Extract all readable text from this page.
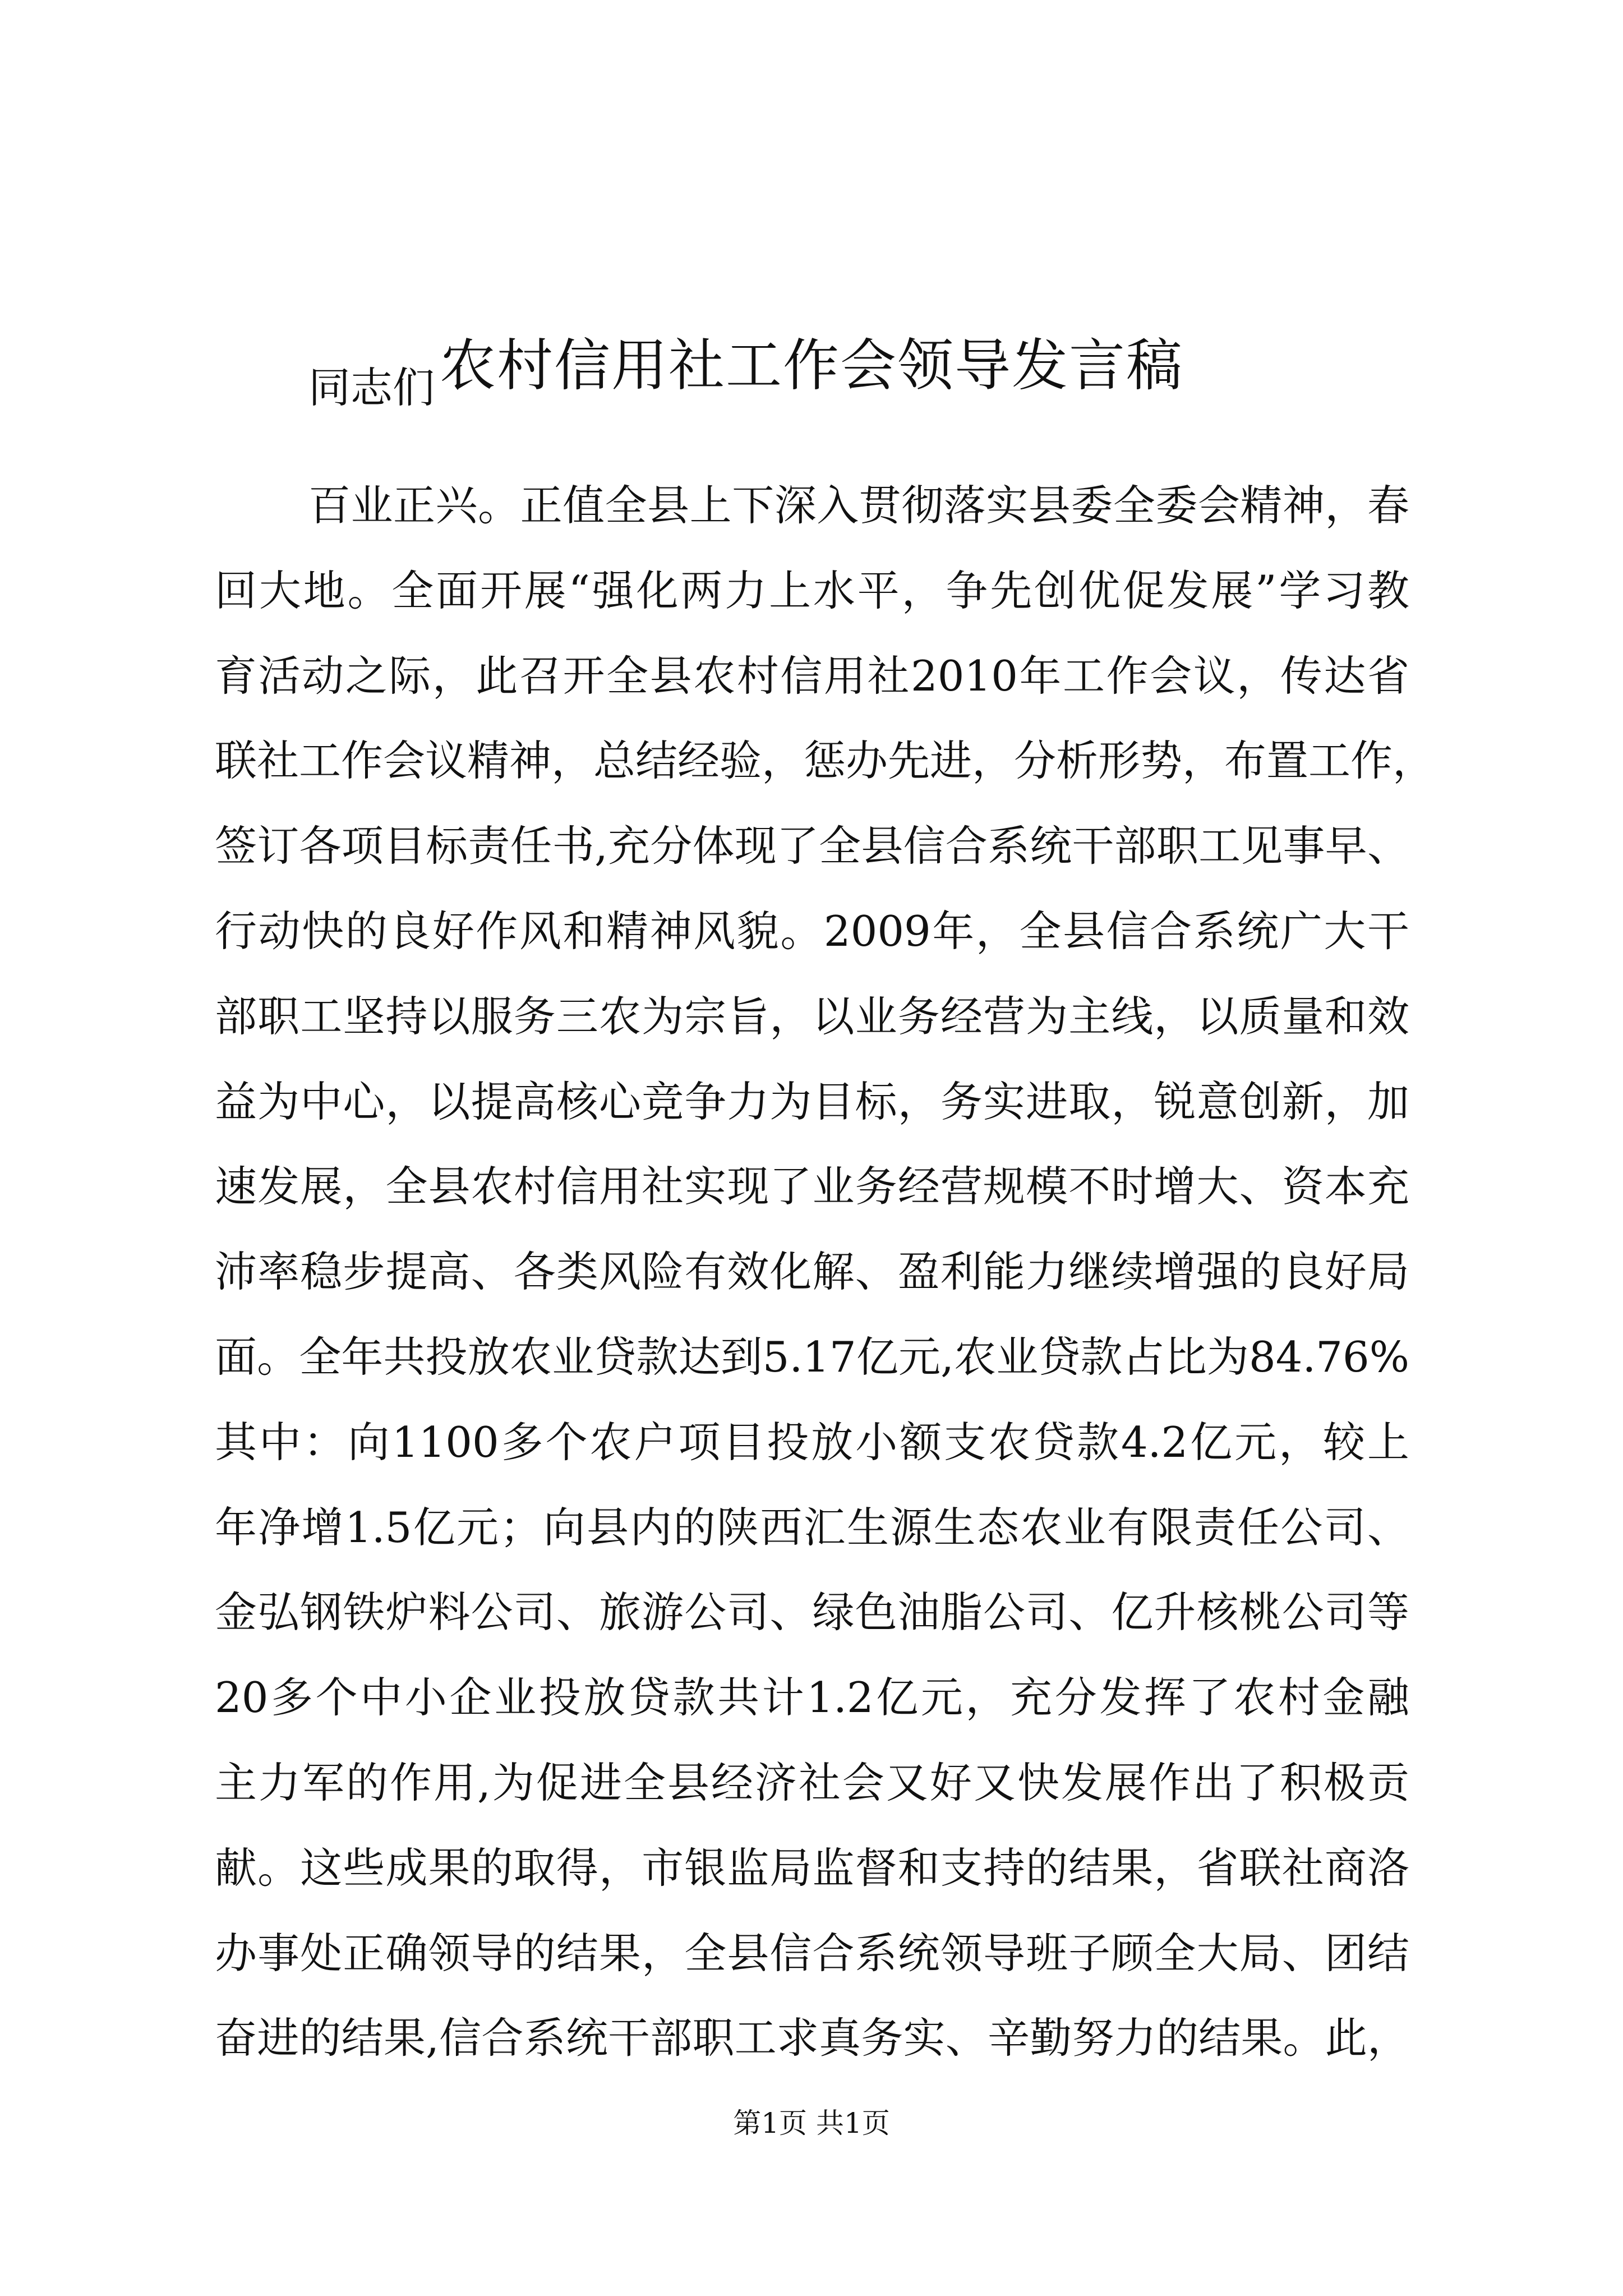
农村信用社工作会领导发言稿
同志们
百业正兴。正值全县上下深入贯彻落实县委全委会精神，春
回大地。全面开展“强化两力上水平，争先创优促发展”学习教
育活动之际，此召开全县农村信用社2010年工作会议，传达省
联社工作会议精神，总结经验，惩办先进，分析形势，布置工作，
签订各项目标责任书,充分体现了全县信合系统干部职工见事早、
行动快的良好作风和精神风貌。2009年，全县信合系统广大干
部职工坚持以服务三农为宗旨，以业务经营为主线，以质量和效
益为中心，以提高核心竞争力为目标，务实进取，锐意创新，加
速发展，全县农村信用社实现了业务经营规模不时增大、资本充
沛率稳步提高、各类风险有效化解、盈利能力继续增强的良好局
面。全年共投放农业贷款达到5.17亿元,农业贷款占比为84.76%
其中：向1100多个农户项目投放小额支农贷款4.2亿元，较上
年净增1.5亿元；向县内的陕西汇生源生态农业有限责任公司、
金弘钢铁炉料公司、旅游公司、绿色油脂公司、亿升核桃公司等
20多个中小企业投放贷款共计1.2亿元，充分发挥了农村金融
主力军的作用,为促进全县经济社会又好又快发展作出了积极贡
献。这些成果的取得，市银监局监督和支持的结果，省联社商洛
办事处正确领导的结果，全县信合系统领导班子顾全大局、团结
奋进的结果,信合系统干部职工求真务实、辛勤努力的结果。此，
第1页 共1页
